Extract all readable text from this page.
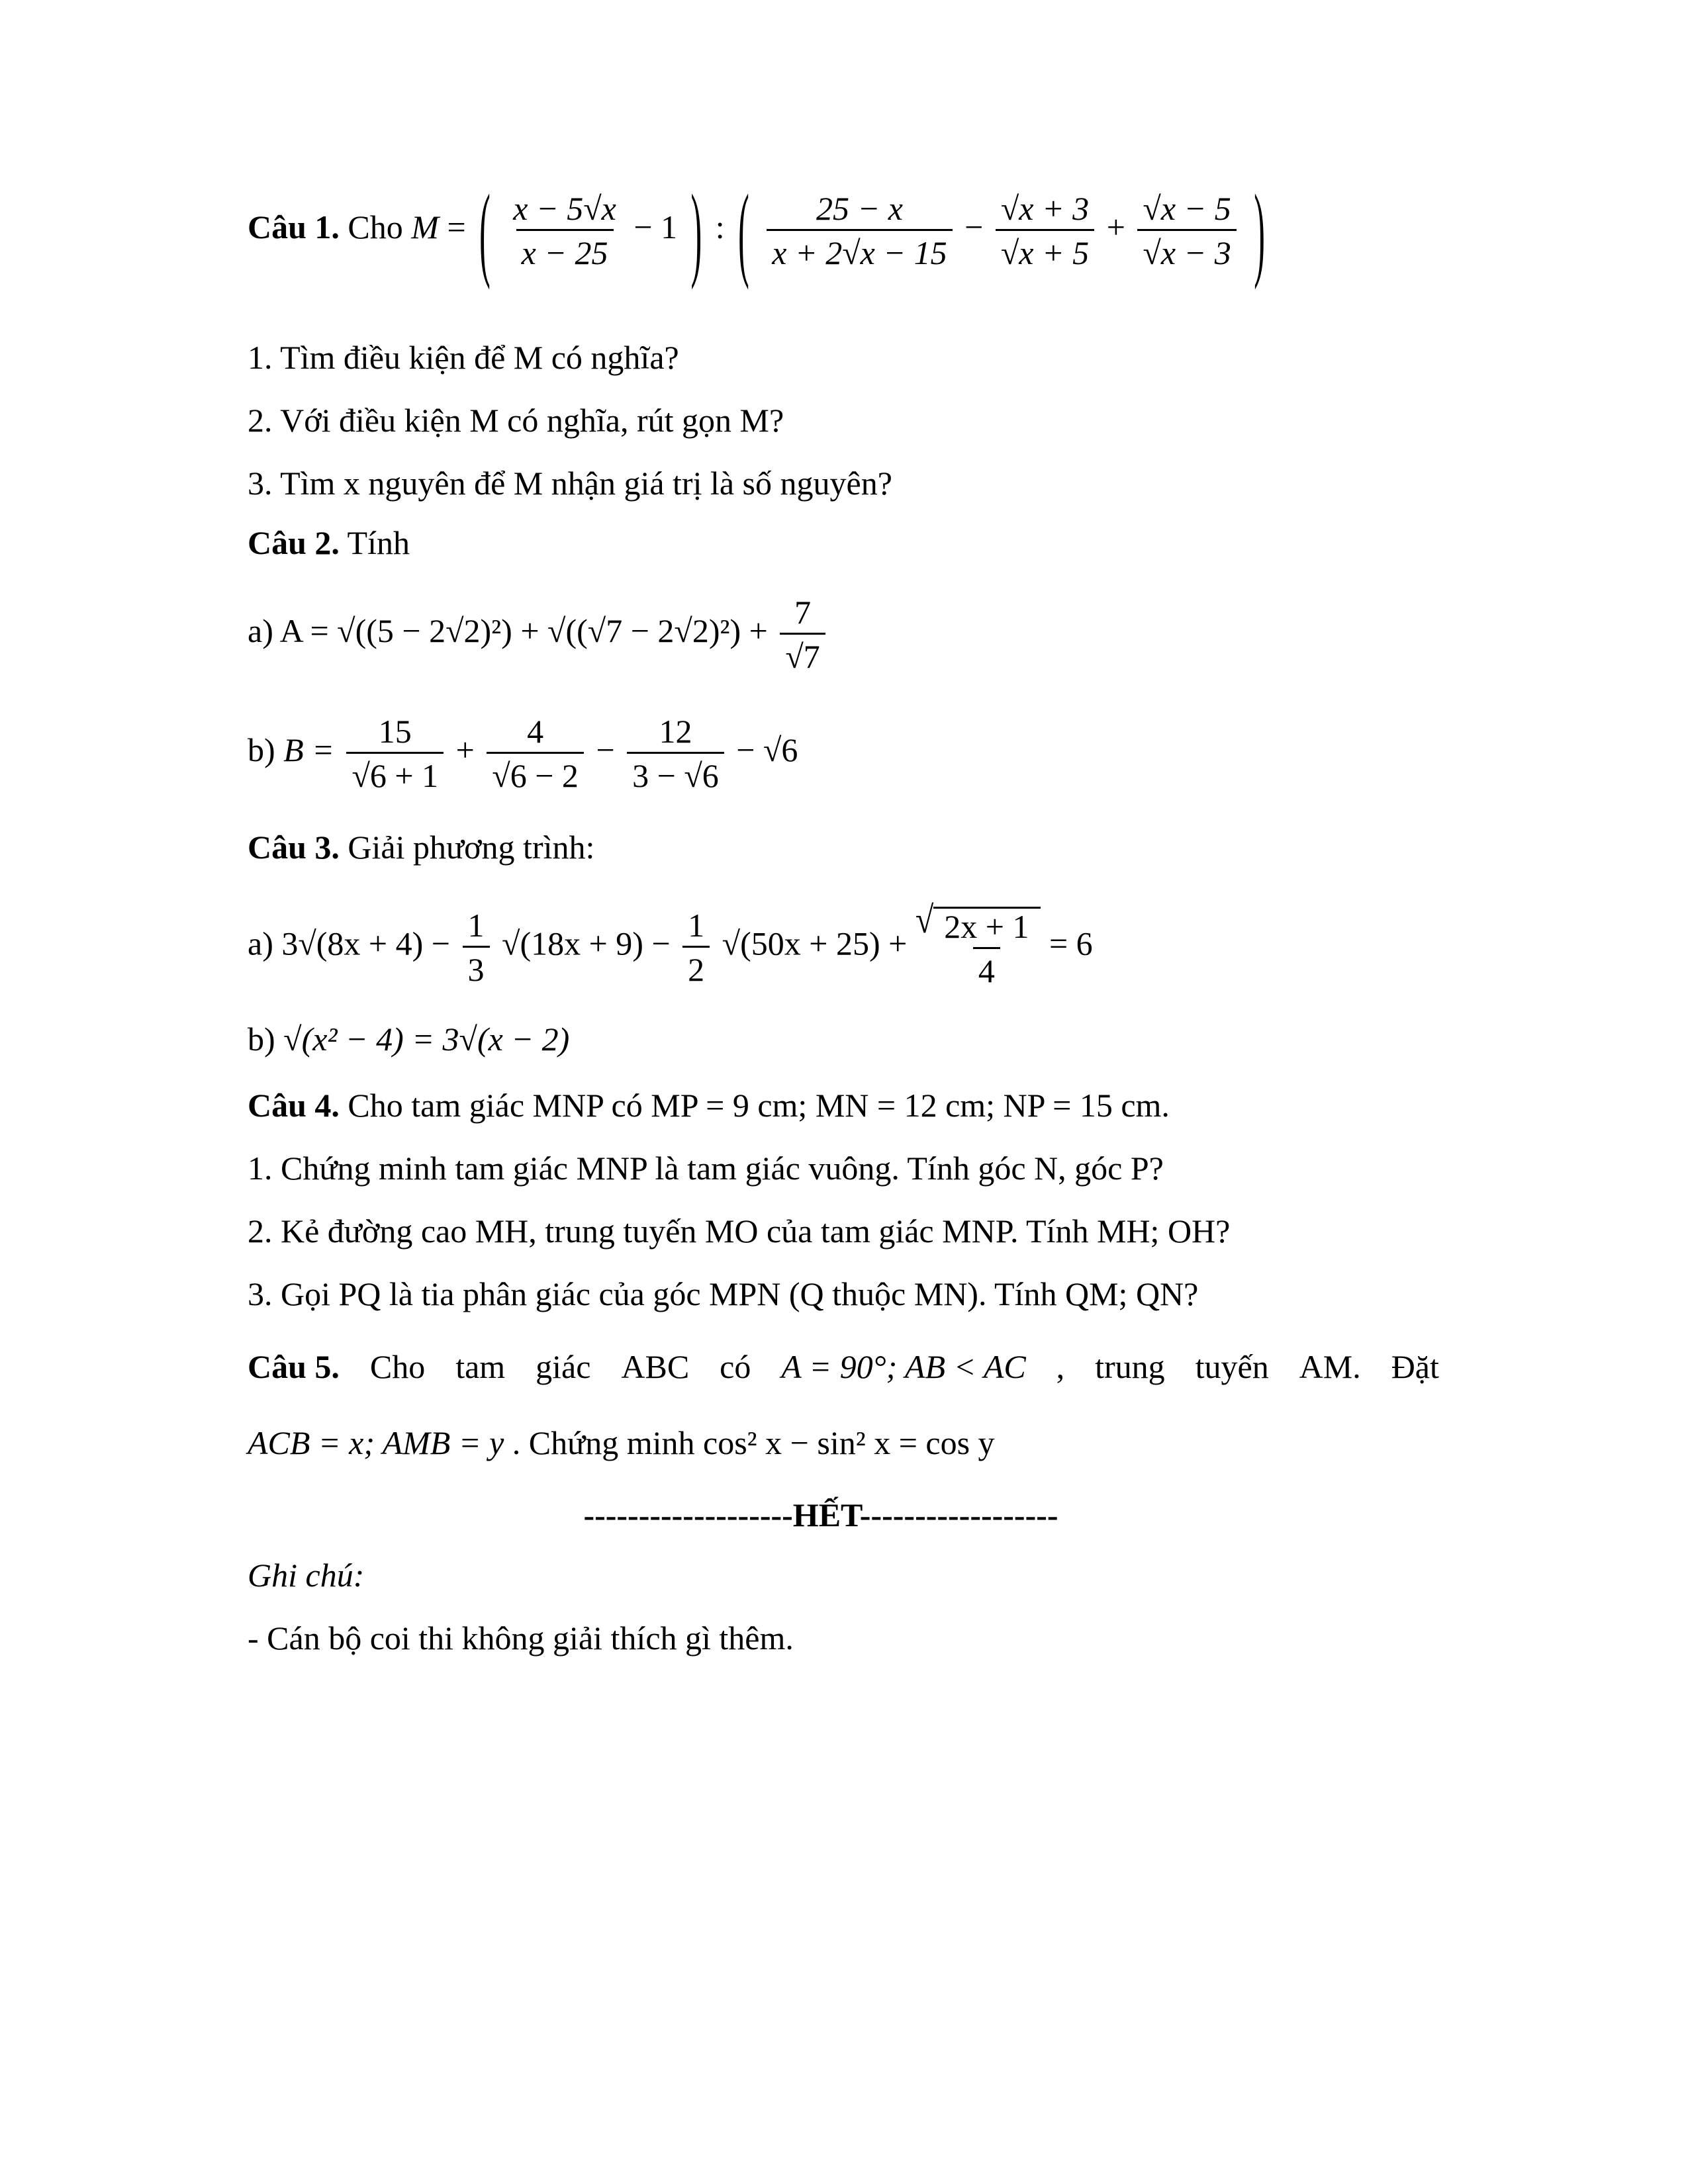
Câu 1. Cho M = ( $\frac{x - 5√x}{x - 25} - 1$ ) : ( $\frac{25 - x}{x + 2√x - 15} - \frac{√x + 3}{√x + 5} + \frac{√x - 5}{√x - 3}$ )
1. Tìm điều kiện để M có nghĩa?
2. Với điều kiện M có nghĩa, rút gọn M?
3. Tìm x nguyên để M nhận giá trị là số nguyên?
Câu 2. Tính
a) $A = √((5 - 2√2)^2) + √((√7 - 2√2)^2) + \frac{7}{√7}$
b) $B = \frac{15}{√6 + 1} + \frac{4}{√6 - 2} - \frac{12}{3 - √6} - √6$
Câu 3. Giải phương trình:
a) $3√(8x + 4) - \frac{1}{3} √(18x + 9) - \frac{1}{2} √(50x + 25)$ +
√ $\frac{2x + 1}{4} = 6$
b) √(x² − 4) = 3√(x − 2)
Câu 4. Cho tam giác MNP có MP = 9 cm; MN = 12 cm; NP = 15 cm.
1. Chứng minh tam giác MNP là tam giác vuông. Tính góc N, góc P?
2. Kẻ đường cao MH, trung tuyến MO của tam giác MNP. Tính MH; OH?
3. Gọi PQ là tia phân giác của góc MPN (Q thuộc MN). Tính QM; QN?
Câu 5. Cho tam giác ABC có A = 90°; AB < AC , trung tuyến AM. Đặt
ACB = x; AMB = y . Chứng minh cos² x − sin² x = cos y
-------------------HẾT------------------
Ghi chú:
- Cán bộ coi thi không giải thích gì thêm.
